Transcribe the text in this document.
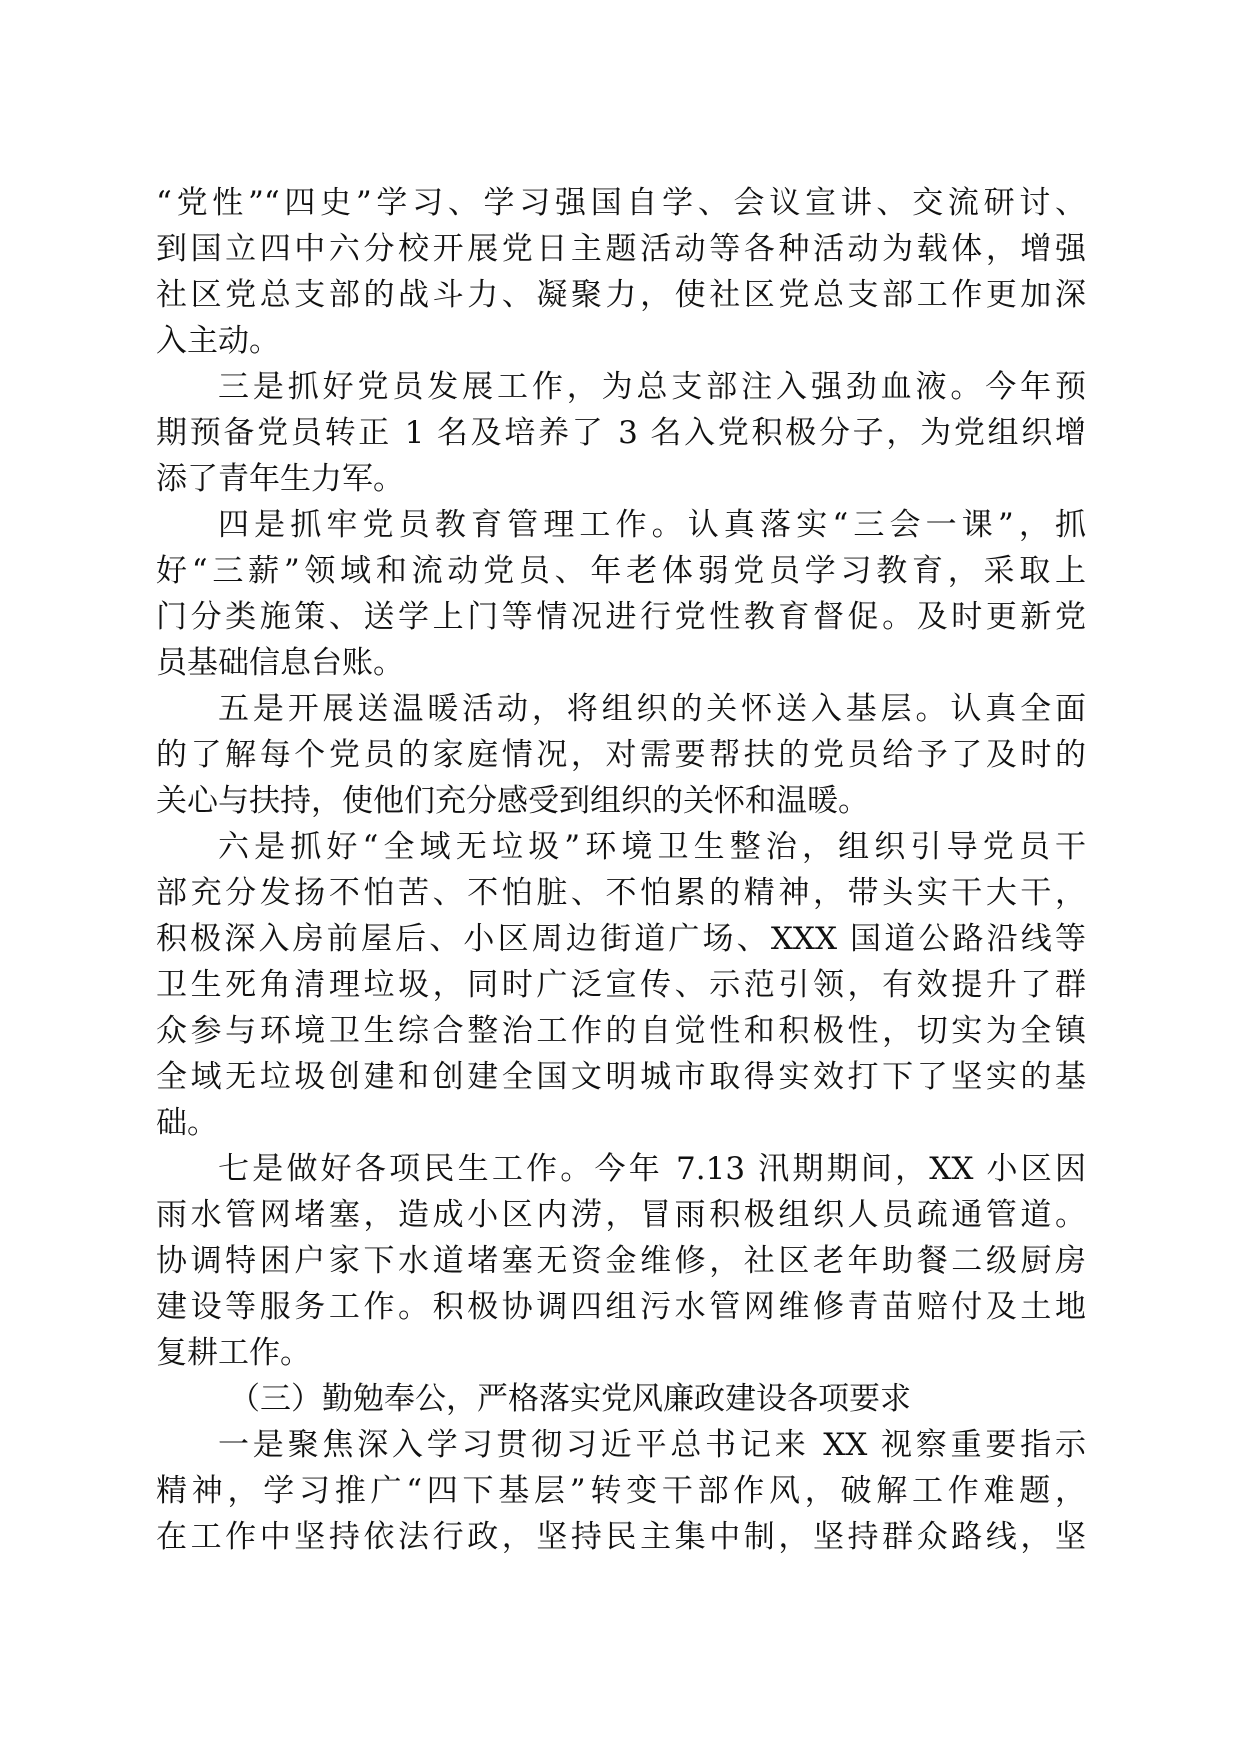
“党性”“四史”学习、学习强国自学、会议宣讲、交流研讨、
到国立四中六分校开展党日主题活动等各种活动为载体，增强
社区党总支部的战斗力、凝聚力，使社区党总支部工作更加深
入主动。
三是抓好党员发展工作，为总支部注入强劲血液。今年预
期预备党员转正 1 名及培养了 3 名入党积极分子，为党组织增
添了青年生力军。
四是抓牢党员教育管理工作。认真落实“三会一课”，抓
好“三薪”领域和流动党员、年老体弱党员学习教育，采取上
门分类施策、送学上门等情况进行党性教育督促。及时更新党
员基础信息台账。
五是开展送温暖活动，将组织的关怀送入基层。认真全面
的了解每个党员的家庭情况，对需要帮扶的党员给予了及时的
关心与扶持，使他们充分感受到组织的关怀和温暖。
六是抓好“全域无垃圾”环境卫生整治，组织引导党员干
部充分发扬不怕苦、不怕脏、不怕累的精神，带头实干大干，
积极深入房前屋后、小区周边街道广场、XXX 国道公路沿线等
卫生死角清理垃圾，同时广泛宣传、示范引领，有效提升了群
众参与环境卫生综合整治工作的自觉性和积极性，切实为全镇
全域无垃圾创建和创建全国文明城市取得实效打下了坚实的基
础。
七是做好各项民生工作。今年 7.13 汛期期间，XX 小区因
雨水管网堵塞，造成小区内涝，冒雨积极组织人员疏通管道。
协调特困户家下水道堵塞无资金维修，社区老年助餐二级厨房
建设等服务工作。积极协调四组污水管网维修青苗赔付及土地
复耕工作。
（三）勤勉奉公，严格落实党风廉政建设各项要求
一是聚焦深入学习贯彻习近平总书记来 XX 视察重要指示
精神，学习推广“四下基层”转变干部作风，破解工作难题，
在工作中坚持依法行政，坚持民主集中制，坚持群众路线，坚
